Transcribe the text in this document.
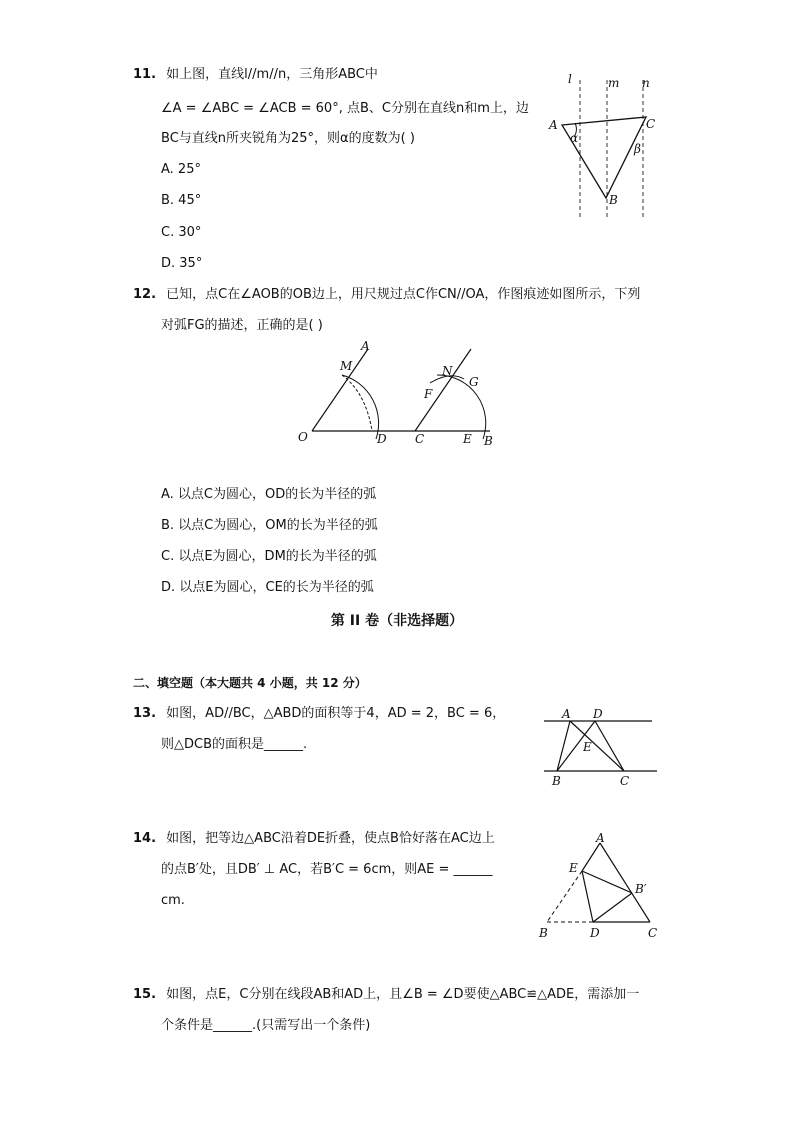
11. 如上图，直线l//m//n，三角形ABC中
∠A = ∠ABC = ∠ACB = 60°, 点B、C分别在直线n和m上，边
BC与直线n所夹锐角为25°，则α的度数为( )
A. 25°
B. 45°
C. 30°
D. 35°
l	m n
A	C
B
α
β
12. 已知，点C在∠AOB的OB边上，用尺规过点C作CN//OA，作图痕迹如图所示，下列
对弧FG的描述，正确的是( )
O
A
M
D C
N
F
G
E B
A. 以点C为圆心，OD的长为半径的弧
B. 以点C为圆心，OM的长为半径的弧
C. 以点E为圆心，DM的长为半径的弧
D. 以点E为圆心，CE的长为半径的弧
第 II 卷（非选择题）
二、填空题（本大题共 4 小题，共 12 分）
13. 如图，AD//BC，△ABD的面积等于4，AD = 2，BC = 6，
则△DCB的面积是______.
A D
E
B	C
14. 如图，把等边△ABC沿着DE折叠，使点B恰好落在AC边上
的点B′处，且DB′ ⊥ AC，若B′C = 6cm，则AE = ______
cm.
A
E
B′
B	D	C
15. 如图，点E，C分别在线段AB和AD上，且∠B = ∠D要使△ABC≌△ADE，需添加一
个条件是______.(只需写出一个条件)
